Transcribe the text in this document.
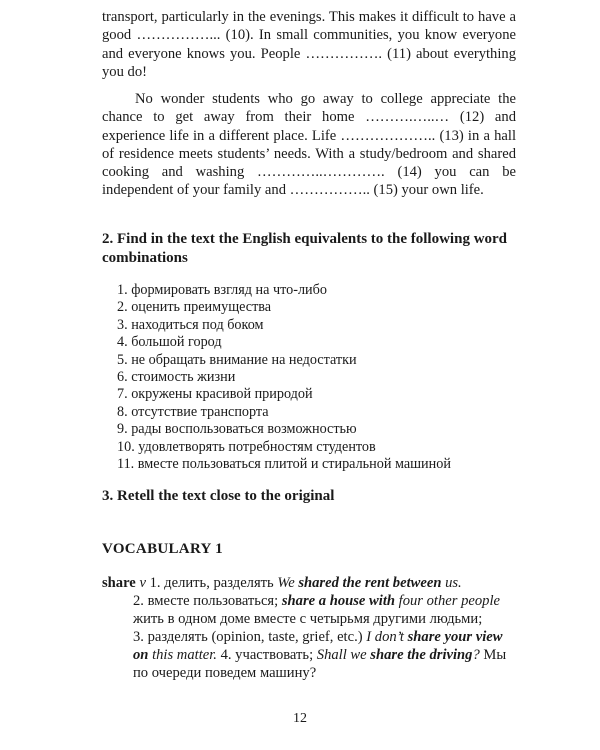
transport, particularly in the evenings. This makes it difficult to have a good ……………... (10). In small communities, you know everyone and everyone knows you. People ……………. (11) about everything you do!

No wonder students who go away to college appreciate the chance to get away from their home ……….…..… (12) and experience life in a different place. Life ……………….. (13) in a hall of residence meets students’ needs. With a study/bedroom and shared cooking and washing …………..…………. (14) you can be independent of your family and …………….. (15) your own life.

2. Find in the text the English equivalents to the following word combinations

1. формировать взгляд на что-либо
2. оценить преимущества
3. находиться под боком
4. большой город
5. не обращать внимание на недостатки
6. стоимость жизни
7. окружены красивой природой
8. отсутствие транспорта
9. рады воспользоваться возможностью
10. удовлетворять потребностям студентов
11. вместе пользоваться плитой и стиральной машиной

3. Retell the text close to the original

VOCABULARY 1

share v 1. делить, разделять We shared the rent between us.

2. вместе пользоваться; share a house with four other people жить в одном доме вместе с четырьмя другими людьми;
3. разделять (opinion, taste, grief, etc.) I don’t share your view on this matter. 4. участвовать; Shall we share the driving? Мы по очереди поведем машину?

12
